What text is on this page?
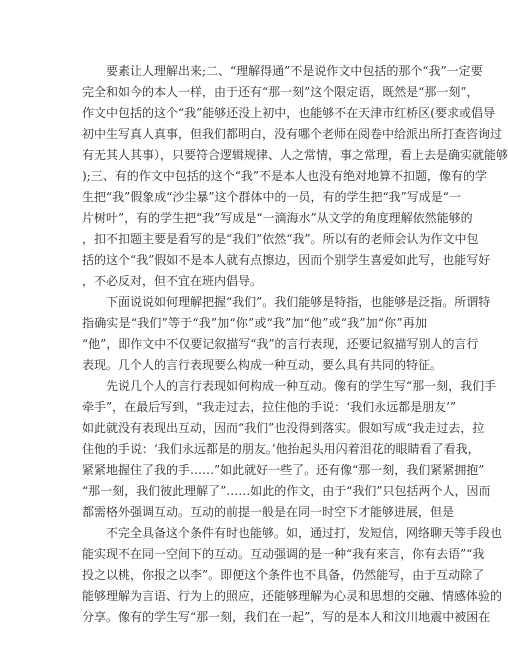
要素让人理解出来;二、“理解得通”不是说作文中包括的那个“我”一定要
完全和如今的本人一样，由于还有“那一刻”这个限定语，既然是“那一刻”，
作文中包括的这个“我”能够还没上初中，也能够不在天津市红桥区(要求或倡导
初中生写真人真事，但我们都明白，没有哪个老师在阅卷中给派出所打查咨询过
有无其人其事），只要符合逻辑规律、人之常情，事之常理，看上去是确实就能够
);三、有的作文中包括的这个“我”不是本人也没有绝对地算不扣题，像有的学
生把“我”假象成“沙尘暴”这个群体中的一员，有的学生把“我”写成是“一
片树叶”，有的学生把“我”写成是“一滴海水”从文学的角度理解依然能够的
，扣不扣题主要是看写的是“我们”依然“我”。所以有的老师会认为作文中包
括的这个“我”假如不是本人就有点擦边，因而个别学生喜爱如此写，也能写好
，不必反对，但不宜在班内倡导。
下面说说如何理解把握“我们”。我们能够是特指，也能够是泛指。所谓特
指确实是“我们”等于“我”加“你”或“我”加“他”或“我”加“你”再加
“他”，即作文中不仅要记叙描写“我”的言行表现，还要记叙描写别人的言行
表现。几个人的言行表现要么构成一种互动，要么具有共同的特征。
先说几个人的言行表现如何构成一种互动。像有的学生写“那一刻，我们手
牵手”，在最后写到，“我走过去，拉住他的手说：‘我们永远都是朋友’”
如此就没有表现出互动，因而“我们”也没得到落实。假如写成“我走过去，拉
住他的手说：‘我们永远都是的朋友。’他抬起头用闪着泪花的眼睛看了看我，
紧紧地握住了我的手……”如此就好一些了。还有像“那一刻，我们紧紧拥抱”
“那一刻，我们彼此理解了”……如此的作文，由于“我们”只包括两个人，因而
都需格外强调互动。互动的前提一般是在同一时空下才能够进展，但是
不完全具备这个条件有时也能够。如，通过打，发短信，网络聊天等手段也
能实现不在同一空间下的互动。互动强调的是一种“我有来言，你有去语”“我
投之以桃，你报之以李”。即便这个条件也不具备，仍然能写，由于互动除了
能够理解为言语、行为上的照应，还能够理解为心灵和思想的交融、情感体验的
分享。像有的学生写“那一刻，我们在一起”，写的是本人和汶川地震中被困在
